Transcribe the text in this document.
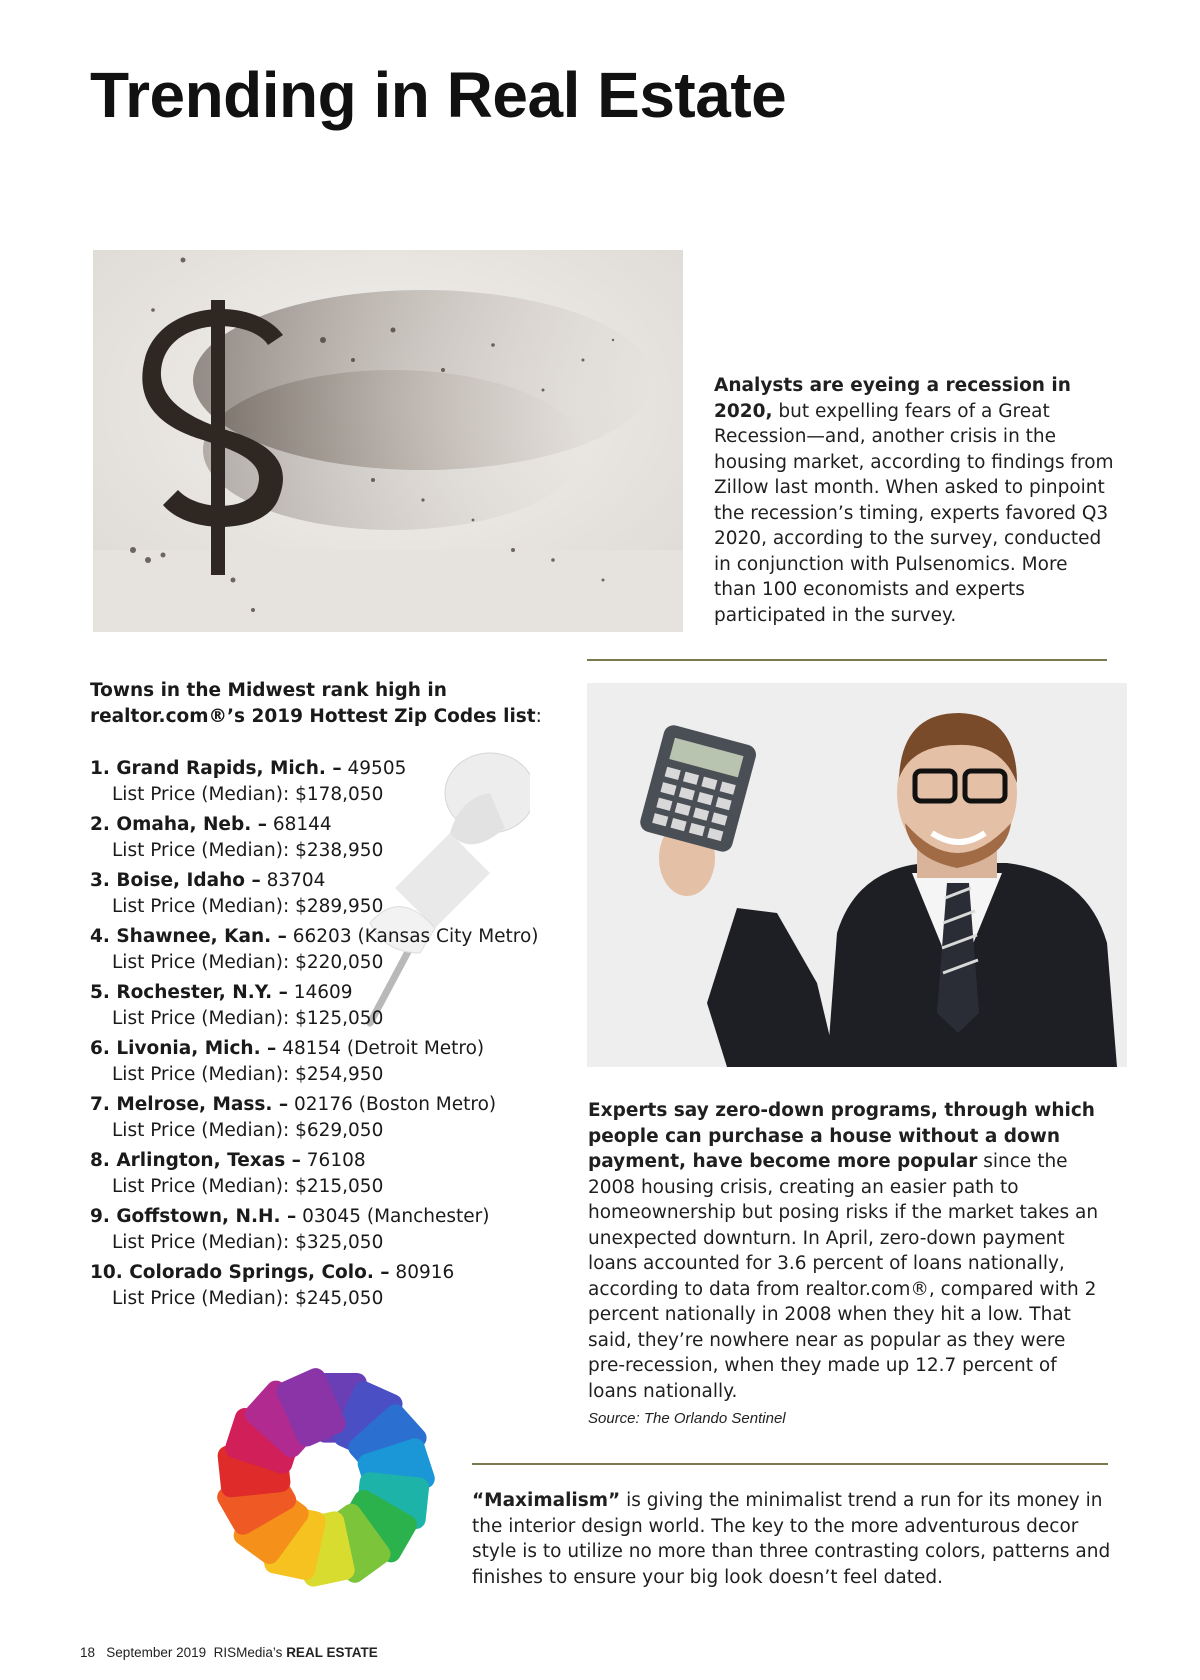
Trending in Real Estate
Analysts are eyeing a recession in 2020, but expelling fears of a Great Recession—and, another crisis in the housing market, according to findings from Zillow last month. When asked to pinpoint the recession’s timing, experts favored Q3 2020, according to the survey, conducted in conjunction with Pulsenomics. More than 100 economists and experts participated in the survey.
Towns in the Midwest rank high in realtor.com®’s 2019 Hottest Zip Codes list:
1. Grand Rapids, Mich. – 49505
List Price (Median): $178,050
2. Omaha, Neb. – 68144
List Price (Median): $238,950
3. Boise, Idaho – 83704
List Price (Median): $289,950
4. Shawnee, Kan. – 66203 (Kansas City Metro)
List Price (Median): $220,050
5. Rochester, N.Y. – 14609
List Price (Median): $125,050
6. Livonia, Mich. – 48154 (Detroit Metro)
List Price (Median): $254,950
7. Melrose, Mass. – 02176 (Boston Metro)
List Price (Median): $629,050
8. Arlington, Texas – 76108
List Price (Median): $215,050
9. Goffstown, N.H. – 03045 (Manchester)
List Price (Median): $325,050
10. Colorado Springs, Colo. – 80916
List Price (Median): $245,050
Experts say zero-down programs, through which people can purchase a house without a down payment, have become more popular since the 2008 housing crisis, creating an easier path to homeownership but posing risks if the market takes an unexpected downturn. In April, zero-down payment loans accounted for 3.6 percent of loans nationally, according to data from realtor.com®, compared with 2 percent nationally in 2008 when they hit a low. That said, they’re nowhere near as popular as they were pre-recession, when they made up 12.7 percent of loans nationally.
Source: The Orlando Sentinel
“Maximalism” is giving the minimalist trend a run for its money in the interior design world. The key to the more adventurous decor style is to utilize no more than three contrasting colors, patterns and finishes to ensure your big look doesn’t feel dated.
18 September 2019 RISMedia’s REAL ESTATE
